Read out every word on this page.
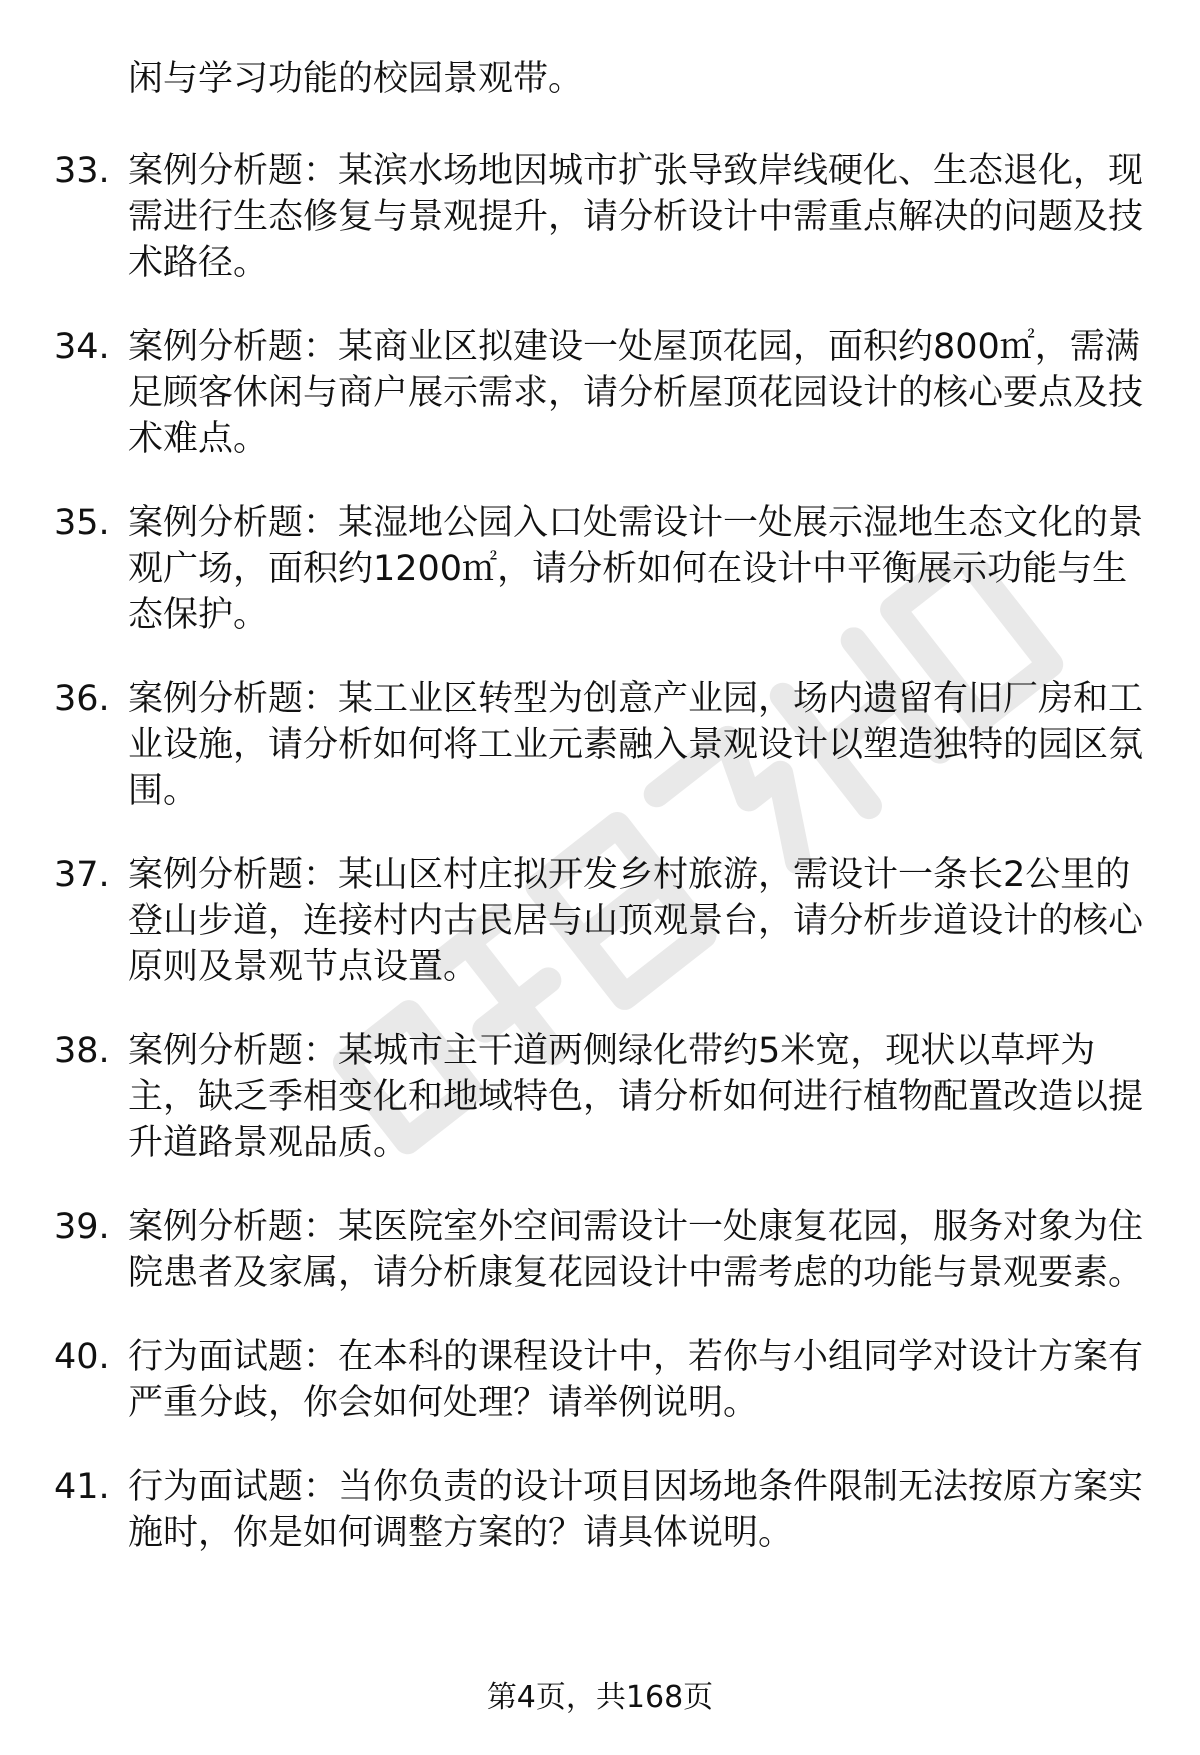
闲与学习功能的校园景观带。

33. 案例分析题：某滨水场地因城市扩张导致岸线硬化、生态退化，现需进行生态修复与景观提升，请分析设计中需重点解决的问题及技术路径。

34. 案例分析题：某商业区拟建设一处屋顶花园，面积约800㎡，需满足顾客休闲与商户展示需求，请分析屋顶花园设计的核心要点及技术难点。

35. 案例分析题：某湿地公园入口处需设计一处展示湿地生态文化的景观广场，面积约1200㎡，请分析如何在设计中平衡展示功能与生态保护。

36. 案例分析题：某工业区转型为创意产业园，场内遗留有旧厂房和工业设施，请分析如何将工业元素融入景观设计以塑造独特的园区氛围。

37. 案例分析题：某山区村庄拟开发乡村旅游，需设计一条长2公里的登山步道，连接村内古民居与山顶观景台，请分析步道设计的核心原则及景观节点设置。

38. 案例分析题：某城市主干道两侧绿化带约5米宽，现状以草坪为主，缺乏季相变化和地域特色，请分析如何进行植物配置改造以提升道路景观品质。

39. 案例分析题：某医院室外空间需设计一处康复花园，服务对象为住院患者及家属，请分析康复花园设计中需考虑的功能与景观要素。

40. 行为面试题：在本科的课程设计中，若你与小组同学对设计方案有严重分歧，你会如何处理？请举例说明。

41. 行为面试题：当你负责的设计项目因场地条件限制无法按原方案实施时，你是如何调整方案的？请具体说明。

第4页，共168页
